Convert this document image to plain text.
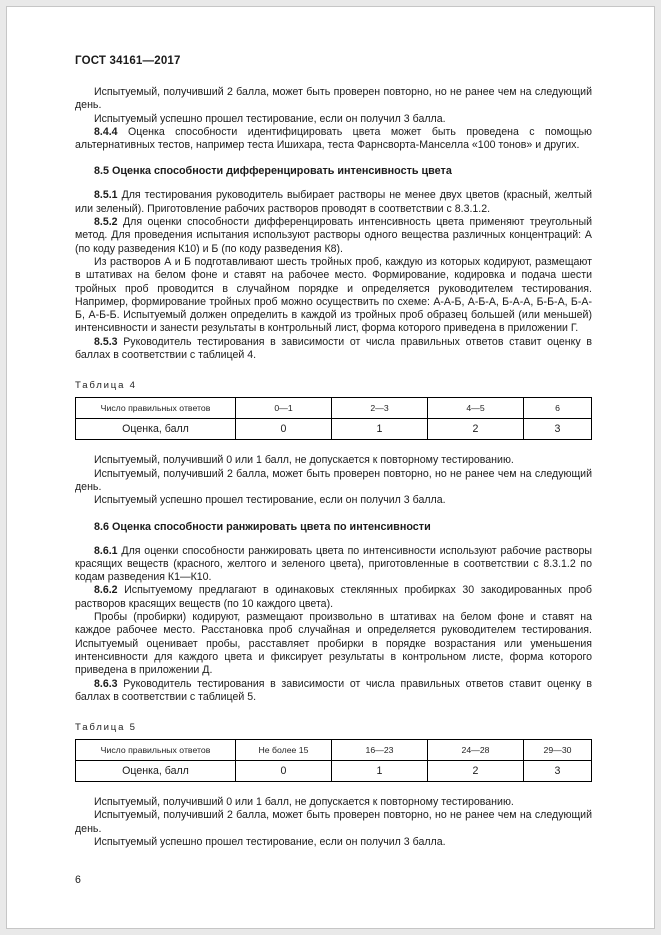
ГОСТ 34161—2017

Испытуемый, получивший 2 балла, может быть проверен повторно, но не ранее чем на следующий день.

Испытуемый успешно прошел тестирование, если он получил 3 балла.

8.4.4 Оценка способности идентифицировать цвета может быть проведена с помощью альтернативных тестов, например теста Ишихара, теста Фарнсворта-Манселла «100 тонов» и других.

8.5 Оценка способности дифференцировать интенсивность цвета

8.5.1 Для тестирования руководитель выбирает растворы не менее двух цветов (красный, желтый или зеленый). Приготовление рабочих растворов проводят в соответствии с 8.3.1.2.

8.5.2 Для оценки способности дифференцировать интенсивность цвета применяют треугольный метод. Для проведения испытания используют растворы одного вещества различных концентраций: А (по коду разведения К10) и Б (по коду разведения К8).

Из растворов А и Б подготавливают шесть тройных проб, каждую из которых кодируют, размещают в штативах на белом фоне и ставят на рабочее место. Формирование, кодировка и подача шести тройных проб проводится в случайном порядке и определяется руководителем тестирования. Например, формирование тройных проб можно осуществить по схеме: А-А-Б, А-Б-А, Б-А-А, Б-Б-А, Б-А-Б, А-Б-Б. Испытуемый должен определить в каждой из тройных проб образец большей (или меньшей) интенсивности и занести результаты в контрольный лист, форма которого приведена в приложении Г.

8.5.3 Руководитель тестирования в зависимости от числа правильных ответов ставит оценку в баллах в соответствии с таблицей 4.

Таблица 4
Число правильных ответов	0—1	2—3	4—5	6
Оценка, балл	0	1	2	3

Испытуемый, получивший 0 или 1 балл, не допускается к повторному тестированию.

Испытуемый, получивший 2 балла, может быть проверен повторно, но не ранее чем на следующий день.

Испытуемый успешно прошел тестирование, если он получил 3 балла.

8.6 Оценка способности ранжировать цвета по интенсивности

8.6.1 Для оценки способности ранжировать цвета по интенсивности используют рабочие растворы красящих веществ (красного, желтого и зеленого цвета), приготовленные в соответствии с 8.3.1.2 по кодам разведения К1—К10.

8.6.2 Испытуемому предлагают в одинаковых стеклянных пробирках 30 закодированных проб растворов красящих веществ (по 10 каждого цвета).

Пробы (пробирки) кодируют, размещают произвольно в штативах на белом фоне и ставят на каждое рабочее место. Расстановка проб случайная и определяется руководителем тестирования. Испытуемый оценивает пробы, расставляет пробирки в порядке возрастания или уменьшения интенсивности для каждого цвета и фиксирует результаты в контрольном листе, форма которого приведена в приложении Д.

8.6.3 Руководитель тестирования в зависимости от числа правильных ответов ставит оценку в баллах в соответствии с таблицей 5.

Таблица 5
Число правильных ответов	Не более 15	16—23	24—28	29—30
Оценка, балл	0	1	2	3

Испытуемый, получивший 0 или 1 балл, не допускается к повторному тестированию.

Испытуемый, получивший 2 балла, может быть проверен повторно, но не ранее чем на следующий день.

Испытуемый успешно прошел тестирование, если он получил 3 балла.

6
